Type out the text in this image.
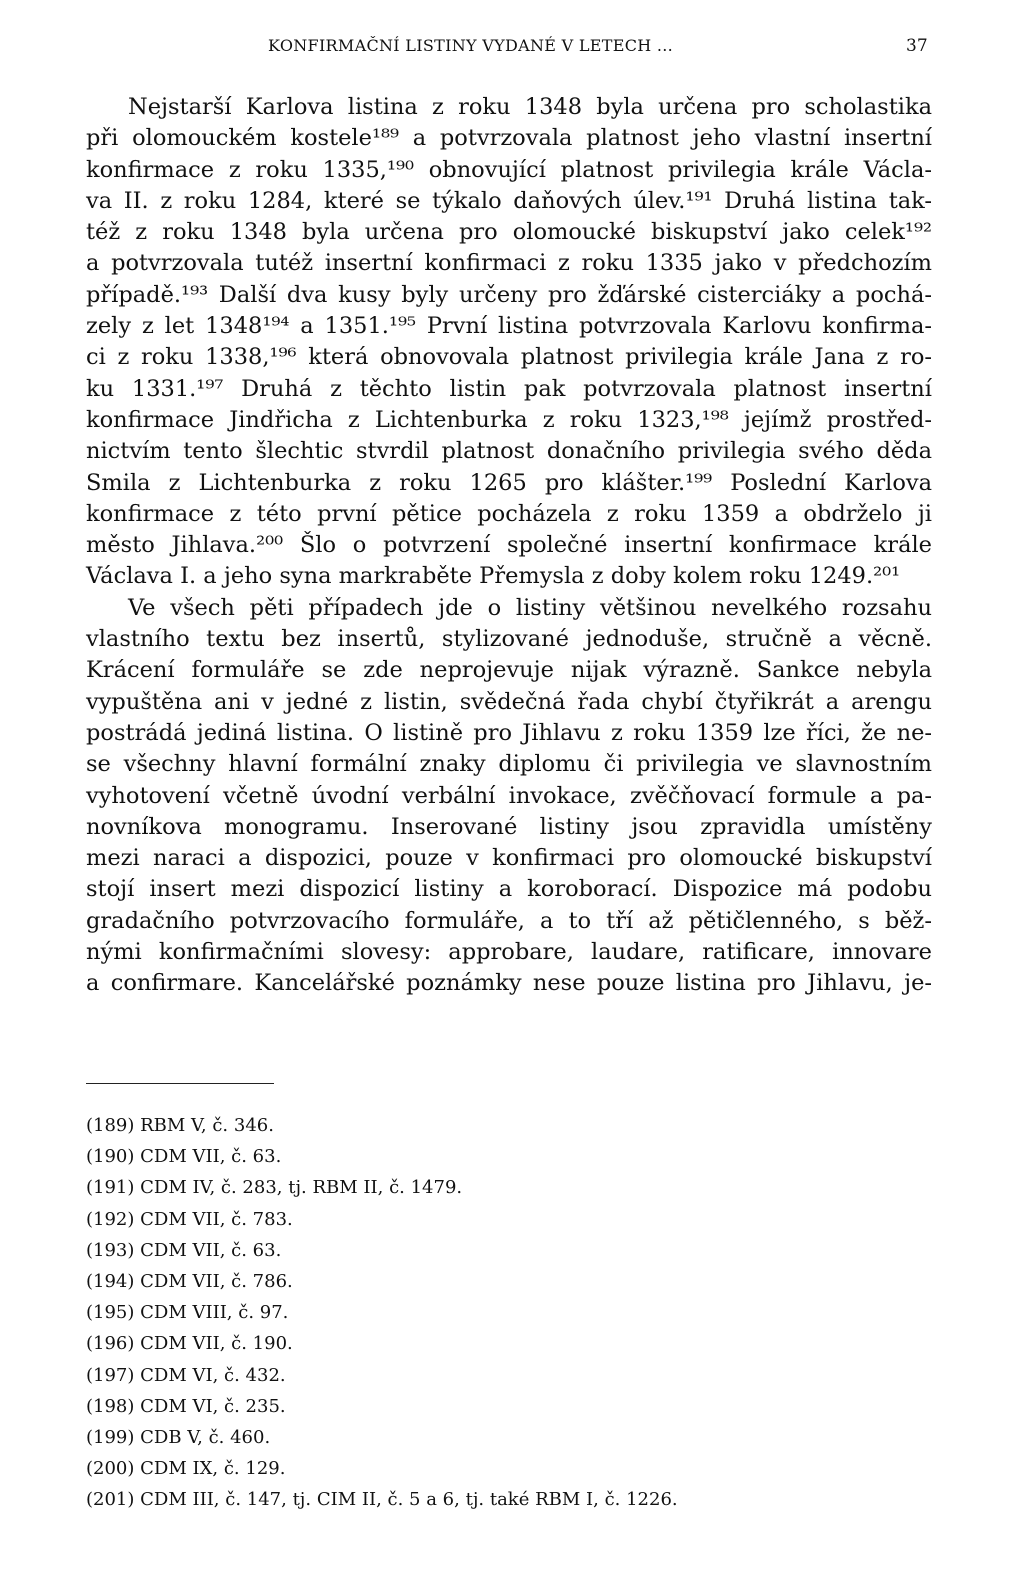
KONFIRMAČNÍ LISTINY VYDANÉ V LETECH ...	37
Nejstarší Karlova listina z roku 1348 byla určena pro scholastika
při olomouckém kostele¹⁸⁹ a potvrzovala platnost jeho vlastní insertní
konfirmace z roku 1335,¹⁹⁰ obnovující platnost privilegia krále Václa-
va II. z roku 1284, které se týkalo daňových úlev.¹⁹¹ Druhá listina tak-
též z roku 1348 byla určena pro olomoucké biskupství jako celek¹⁹²
a potvrzovala tutéž insertní konfirmaci z roku 1335 jako v předchozím
případě.¹⁹³ Další dva kusy byly určeny pro žďárské cisterciáky a pochá-
zely z let 1348¹⁹⁴ a 1351.¹⁹⁵ První listina potvrzovala Karlovu konfirma-
ci z roku 1338,¹⁹⁶ která obnovovala platnost privilegia krále Jana z ro-
ku 1331.¹⁹⁷ Druhá z těchto listin pak potvrzovala platnost insertní
konfirmace Jindřicha z Lichtenburka z roku 1323,¹⁹⁸ jejímž prostřed-
nictvím tento šlechtic stvrdil platnost donačního privilegia svého děda
Smila z Lichtenburka z roku 1265 pro klášter.¹⁹⁹ Poslední Karlova
konfirmace z této první pětice pocházela z roku 1359 a obdrželo ji
město Jihlava.²⁰⁰ Šlo o potvrzení společné insertní konfirmace krále
Václava I. a jeho syna markraběte Přemysla z doby kolem roku 1249.²⁰¹
Ve všech pěti případech jde o listiny většinou nevelkého rozsahu
vlastního textu bez insertů, stylizované jednoduše, stručně a věcně.
Krácení formuláře se zde neprojevuje nijak výrazně. Sankce nebyla
vypuštěna ani v jedné z listin, svědečná řada chybí čtyřikrát a arengu
postrádá jediná listina. O listině pro Jihlavu z roku 1359 lze říci, že ne-
se všechny hlavní formální znaky diplomu či privilegia ve slavnostním
vyhotovení včetně úvodní verbální invokace, zvěčňovací formule a pa-
novníkova monogramu. Inserované listiny jsou zpravidla umístěny
mezi naraci a dispozici, pouze v konfirmaci pro olomoucké biskupství
stojí insert mezi dispozicí listiny a koroborací. Dispozice má podobu
gradačního potvrzovacího formuláře, a to tří až pětičlenného, s běž-
nými konfirmačními slovesy: approbare, laudare, ratificare, innovare
a confirmare. Kancelářské poznámky nese pouze listina pro Jihlavu, je-
(189) RBM V, č. 346.
(190) CDM VII, č. 63.
(191) CDM IV, č. 283, tj. RBM II, č. 1479.
(192) CDM VII, č. 783.
(193) CDM VII, č. 63.
(194) CDM VII, č. 786.
(195) CDM VIII, č. 97.
(196) CDM VII, č. 190.
(197) CDM VI, č. 432.
(198) CDM VI, č. 235.
(199) CDB V, č. 460.
(200) CDM IX, č. 129.
(201) CDM III, č. 147, tj. CIM II, č. 5 a 6, tj. také RBM I, č. 1226.
